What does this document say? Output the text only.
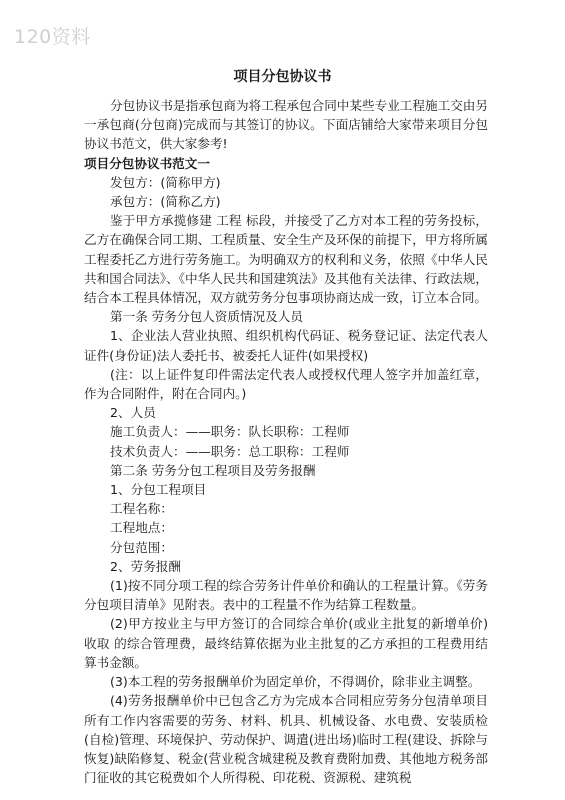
120资料
项目分包协议书

分包协议书是指承包商为将工程承包合同中某些专业工程施工交由另一承包商(分包商)完成而与其签订的协议。下面店铺给大家带来项目分包协议书范文，供大家参考!

项目分包协议书范文一

发包方：(简称甲方)

承包方：(简称乙方)

鉴于甲方承揽修建 工程 标段，并接受了乙方对本工程的劳务投标，乙方在确保合同工期、工程质量、安全生产及环保的前提下，甲方将所属 工程委托乙方进行劳务施工。为明确双方的权利和义务，依照《中华人民共和国合同法》、《中华人民共和国建筑法》及其他有关法律、行政法规，结合本工程具体情况，双方就劳务分包事项协商达成一致，订立本合同。

第一条 劳务分包人资质情况及人员

1、企业法人营业执照、组织机构代码证、税务登记证、法定代表人证件(身份证)法人委托书、被委托人证件(如果授权)

(注：以上证件复印件需法定代表人或授权代理人签字并加盖红章，作为合同附件，附在合同内。)

2、人员

施工负责人：——职务：队长职称：工程师

技术负责人：——职务：总工职称：工程师

第二条 劳务分包工程项目及劳务报酬

1、分包工程项目

工程名称：

工程地点：

分包范围：

2、劳务报酬

(1)按不同分项工程的综合劳务计件单价和确认的工程量计算。《劳务分包项目清单》见附表。表中的工程量不作为结算工程数量。

(2)甲方按业主与甲方签订的合同综合单价(或业主批复的新增单价)收取 的综合管理费，最终结算依据为业主批复的乙方承担的工程费用结算书金额。

(3)本工程的劳务报酬单价为固定单价，不得调价，除非业主调整。

(4)劳务报酬单价中已包含乙方为完成本合同相应劳务分包清单项目所有工作内容需要的劳务、材料、机具、机械设备、水电费、安装质检(自检)管理、环境保护、劳动保护、调遣(进出场)临时工程(建设、拆除与恢复)缺陷修复、税金(营业税含城建税及教育费附加费、其他地方税务部门征收的其它税费如个人所得税、印花税、资源税、建筑税
